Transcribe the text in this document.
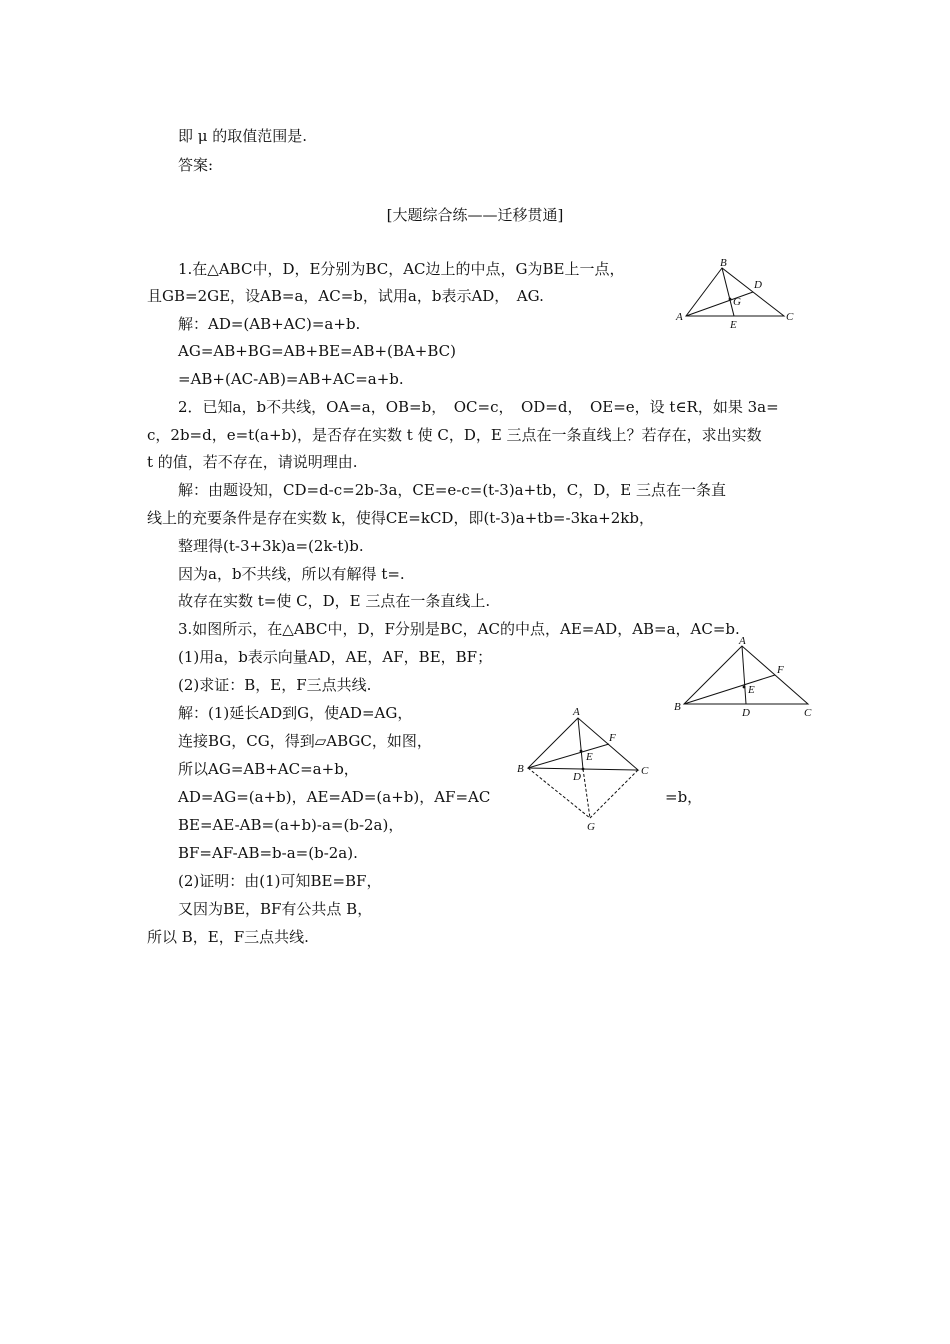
即 μ 的取值范围是.
答案:
[大题综合练——迁移贯通]
1.在△ABC中，D，E分别为BC，AC边上的中点，G为BE上一点，
且GB=2GE，设AB=a，AC=b，试用a，b表示AD，　AG.
解：AD=(AB+AC)=a+b.
AG=AB+BG=AB+BE=AB+(BA+BC)
=AB+(AC-AB)=AB+AC=a+b.
2．已知a，b不共线，OA=a，OB=b，　OC=c，　OD=d，　OE=e，设 t∈R，如果 3a=
c，2b=d，e=t(a+b)，是否存在实数 t 使 C，D，E 三点在一条直线上？若存在，求出实数
t 的值，若不存在，请说明理由.
解：由题设知，CD=d-c=2b-3a，CE=e-c=(t-3)a+tb，C，D，E 三点在一条直
线上的充要条件是存在实数 k，使得CE=kCD，即(t-3)a+tb=-3ka+2kb，
整理得(t-3+3k)a=(2k-t)b.
因为a，b不共线，所以有解得 t=.
故存在实数 t=使 C，D，E 三点在一条直线上.
3.如图所示，在△ABC中，D，F分别是BC，AC的中点，AE=AD，AB=a，AC=b.
(1)用a，b表示向量AD，AE，AF，BE，BF；
(2)求证：B，E，F三点共线.
解：(1)延长AD到G，使AD=AG，
连接BG，CG，得到▱ABGC，如图，
所以AG=AB+AC=a+b，
AD=AG=(a+b)，AE=AD=(a+b)，AF=AC	=b，
BE=AE-AB=(a+b)-a=(b-2a)，
BF=AF-AB=b-a=(b-2a).
(2)证明：由(1)可知BE=BF，
又因为BE，BF有公共点 B，
所以 B，E，F三点共线.
B
D
G
A
E
C
A
F
E
B	D	C
A
F
E
B
D	C
G
